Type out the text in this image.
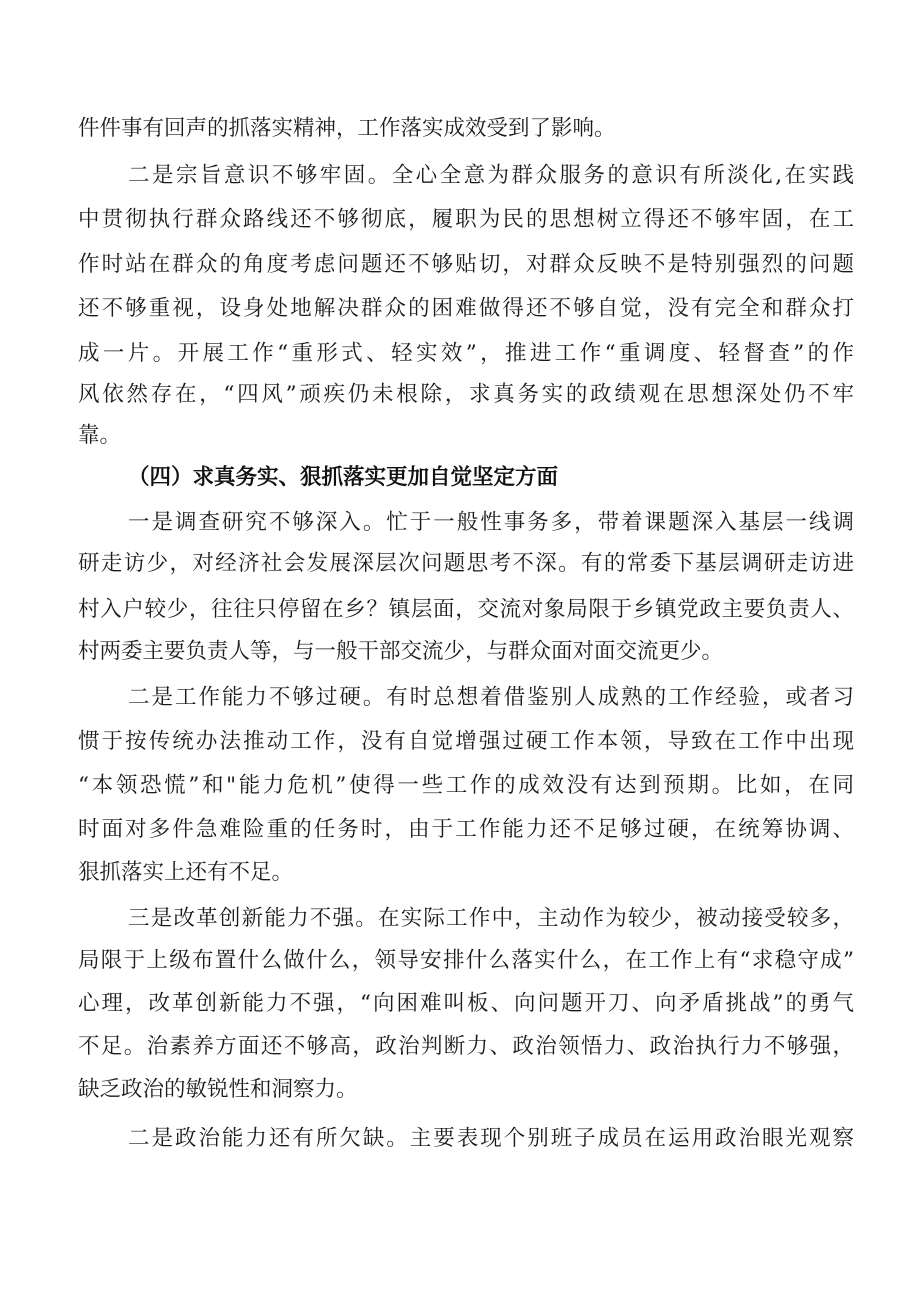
件件事有回声的抓落实精神，工作落实成效受到了影响。
二是宗旨意识不够牢固。全心全意为群众服务的意识有所淡化,在实践
中贯彻执行群众路线还不够彻底，履职为民的思想树立得还不够牢固，在工
作时站在群众的角度考虑问题还不够贴切，对群众反映不是特别强烈的问题
还不够重视，设身处地解决群众的困难做得还不够自觉，没有完全和群众打
成一片。开展工作“重形式、轻实效”，推进工作“重调度、轻督查”的作
风依然存在，“四风”顽疾仍未根除，求真务实的政绩观在思想深处仍不牢
靠。
（四）求真务实、狠抓落实更加自觉坚定方面
一是调查研究不够深入。忙于一般性事务多，带着课题深入基层一线调
研走访少，对经济社会发展深层次问题思考不深。有的常委下基层调研走访进
村入户较少，往往只停留在乡？镇层面，交流对象局限于乡镇党政主要负责人、
村两委主要负责人等，与一般干部交流少，与群众面对面交流更少。
二是工作能力不够过硬。有时总想着借鉴别人成熟的工作经验，或者习
惯于按传统办法推动工作，没有自觉增强过硬工作本领，导致在工作中出现
“本领恐慌”和"能力危机”使得一些工作的成效没有达到预期。比如，在同
时面对多件急难险重的任务时，由于工作能力还不足够过硬，在统筹协调、
狠抓落实上还有不足。
三是改革创新能力不强。在实际工作中，主动作为较少，被动接受较多，
局限于上级布置什么做什么，领导安排什么落实什么，在工作上有“求稳守成”
心理，改革创新能力不强，“向困难叫板、向问题开刀、向矛盾挑战”的勇气
不足。治素养方面还不够高，政治判断力、政治领悟力、政治执行力不够强，
缺乏政治的敏锐性和洞察力。
二是政治能力还有所欠缺。主要表现个别班子成员在运用政治眼光观察
